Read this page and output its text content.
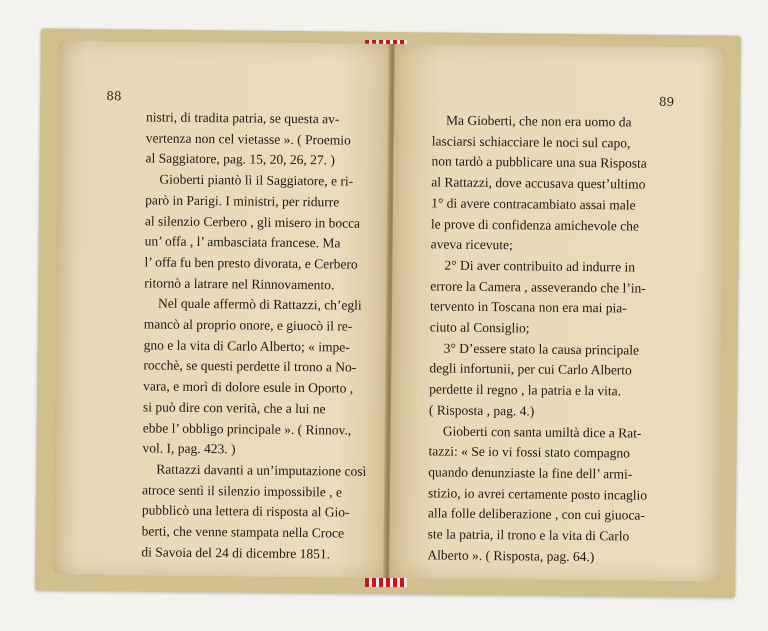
88

nistri, di tradita patria, se questa av-

vertenza non cel vietasse ». ( Proemio

al Saggiatore, pag. 15, 20, 26, 27. )

Gioberti piantò lì il Saggiatore, e ri-

parò in Parigi. I ministri, per ridurre

al silenzio Cerbero , gli misero in bocca

un’ offa , l’ ambasciata francese. Ma

l’ offa fu ben presto divorata, e Cerbero

ritornò a latrare nel Rinnovamento.

Nel quale affermò di Rattazzi, ch’egli

mancò al proprio onore, e giuocò il re-

gno e la vita di Carlo Alberto; « impe-

rocchè, se questi perdette il trono a No-

vara, e morì di dolore esule in Oporto ,

si può dire con verità, che a lui ne

ebbe l’ obbligo principale ». ( Rinnov.,

vol. I, pag. 423. )

Rattazzi davanti a un’imputazione così

atroce sentì il silenzio impossibile , e

pubblicò una lettera di risposta al Gio-

berti, che venne stampata nella Croce

di Savoia del 24 di dicembre 1851.

89

Ma Gioberti, che non era uomo da

lasciarsi schiacciare le noci sul capo,

non tardò a pubblicare una sua Risposta

al Rattazzi, dove accusava quest’ultimo

1° di avere contracambiato assai male

le prove di confidenza amichevole che

aveva ricevute;

2° Di aver contribuito ad indurre in

errore la Camera , asseverando che l’in-

tervento in Toscana non era mai pia-

ciuto al Consiglio;

3° D’essere stato la causa principale

degli infortunii, per cui Carlo Alberto

perdette il regno , la patria e la vita.

( Risposta , pag. 4.)

Gioberti con santa umiltà dice a Rat-

tazzi: « Se io vi fossi stato compagno

quando denunziaste la fine dell’ armi-

stizio, io avrei certamente posto incaglio

alla folle deliberazione , con cui giuoca-

ste la patria, il trono e la vita di Carlo

Alberto ». ( Risposta, pag. 64.)
